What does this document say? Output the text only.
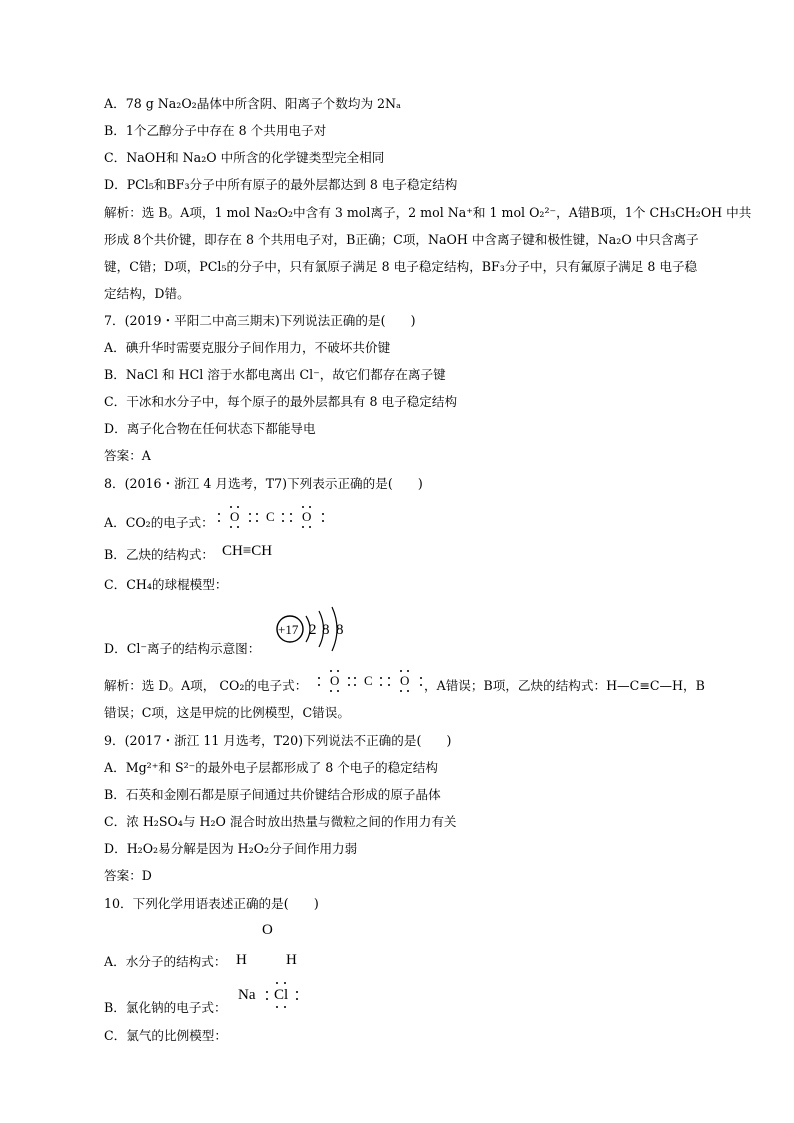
A．78 g Na₂O₂晶体中所含阴、阳离子个数均为 2Nₐ
B．1个乙醇分子中存在 8 个共用电子对
C．NaOH和 Na₂O 中所含的化学键类型完全相同
D．PCl₅和BF₃分子中所有原子的最外层都达到 8 电子稳定结构
解析：选 B。A项，1 mol Na₂O₂中含有 3 mol离子，2 mol Na⁺和 1 mol O₂²⁻，A错B项，1个 CH₃CH₂OH 中共
形成 8个共价键，即存在 8 个共用电子对，B正确；C项，NaOH 中含离子键和极性键，Na₂O 中只含离子
键，C错；D项，PCl₅的分子中，只有氯原子满足 8 电子稳定结构，BF₃分子中，只有氟原子满足 8 电子稳
定结构，D错。
7．(2019・平阳二中高三期末)下列说法正确的是(　　)
A．碘升华时需要克服分子间作用力，不破坏共价键
B．NaCl 和 HCl 溶于水都电离出 Cl⁻，故它们都存在离子键
C．干冰和水分子中，每个原子的最外层都具有 8 电子稳定结构
D．离子化合物在任何状态下都能导电
答案：A
8．(2016・浙江 4 月选考，T7)下列表示正确的是(　　)
A．CO₂的电子式： O C O
B．乙炔的结构式： CH≡CH
C．CH₄的球棍模型：
D．Cl⁻离子的结构示意图：
+17 2 8 8
解析：选 D。A项， CO₂的电子式： O C O ，A错误；B项，乙炔的结构式：H—C≡C—H，B
错误；C项，这是甲烷的比例模型，C错误。
9．(2017・浙江 11 月选考，T20)下列说法不正确的是(　　)
A．Mg²⁺和 S²⁻的最外电子层都形成了 8 个电子的稳定结构
B．石英和金刚石都是原子间通过共价键结合形成的原子晶体
C．浓 H₂SO₄与 H₂O 混合时放出热量与微粒之间的作用力有关
D．H₂O₂易分解是因为 H₂O₂分子间作用力弱
答案：D
10．下列化学用语表述正确的是(　　)
A．水分子的结构式：
O
H	H
B．氯化钠的电子式：
Na Cl
C．氯气的比例模型：
